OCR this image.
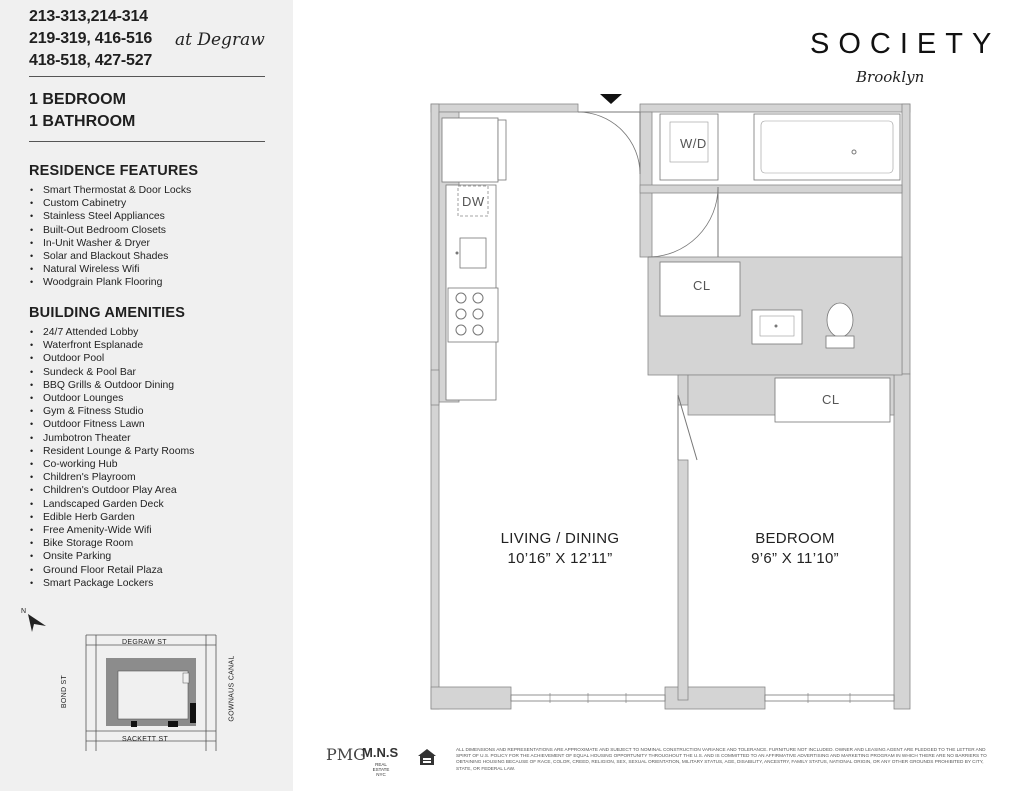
213-313,214-314
219-319, 416-516
418-518, 427-527
at Degraw
1 BEDROOM
1 BATHROOM
RESIDENCE FEATURES
• Smart Thermostat & Door Locks
• Custom Cabinetry
• Stainless Steel Appliances
• Built-Out Bedroom Closets
• In-Unit Washer & Dryer
• Solar and Blackout Shades
• Natural Wireless Wifi
• Woodgrain Plank Flooring
BUILDING AMENITIES
• 24/7 Attended Lobby
• Waterfront Esplanade
• Outdoor Pool
• Sundeck & Pool Bar
• BBQ Grills & Outdoor Dining
• Outdoor Lounges
• Gym & Fitness Studio
• Outdoor Fitness Lawn
• Jumbotron Theater
• Resident Lounge & Party Rooms
• Co-working Hub
• Children's Playroom
• Children's Outdoor Play Area
• Landscaped Garden Deck
• Edible Herb Garden
• Free Amenity-Wide Wifi
• Bike Storage Room
• Onsite Parking
• Ground Floor Retail Plaza
• Smart Package Lockers
N
DEGRAW ST
SACKETT ST
BOND ST	GOWNAUS CANAL
SOCIETY
Brooklyn
W/D
DW
CL
CL
LIVING / DINING
10’16” X 12’11”
BEDROOM
9’6” X 11’10”
PMG
M.N.S
REAL ESTATE NYC
ALL DIMENSIONS AND REPRESENTATIONS ARE APPROXIMATE AND SUBJECT TO NOMINAL CONSTRUCTION VARIANCE AND TOLERANCE. FURNITURE NOT INCLUDED. OWNER AND LEASING AGENT ARE PLEDGED TO THE LETTER AND SPIRIT OF U.S. POLICY FOR THE ACHIEVEMENT OF EQUAL HOUSING OPPORTUNITY THROUGHOUT THE U.S. AND IS COMMITTED TO AN AFFIRMATIVE ADVERTISING AND MARKETING PROGRAM IN WHICH THERE ARE NO BARRIERS TO OBTAINING HOUSING BECAUSE OF RACE, COLOR, CREED, RELIGION, SEX, SEXUAL ORIENTATION, MILITARY STATUS, AGE, DISABILITY, ANCESTRY, FAMILY STATUS, NATIONAL ORIGIN, OR ANY OTHER GROUNDS PROHIBITED BY CITY, STATE, OR FEDERAL LAW.
